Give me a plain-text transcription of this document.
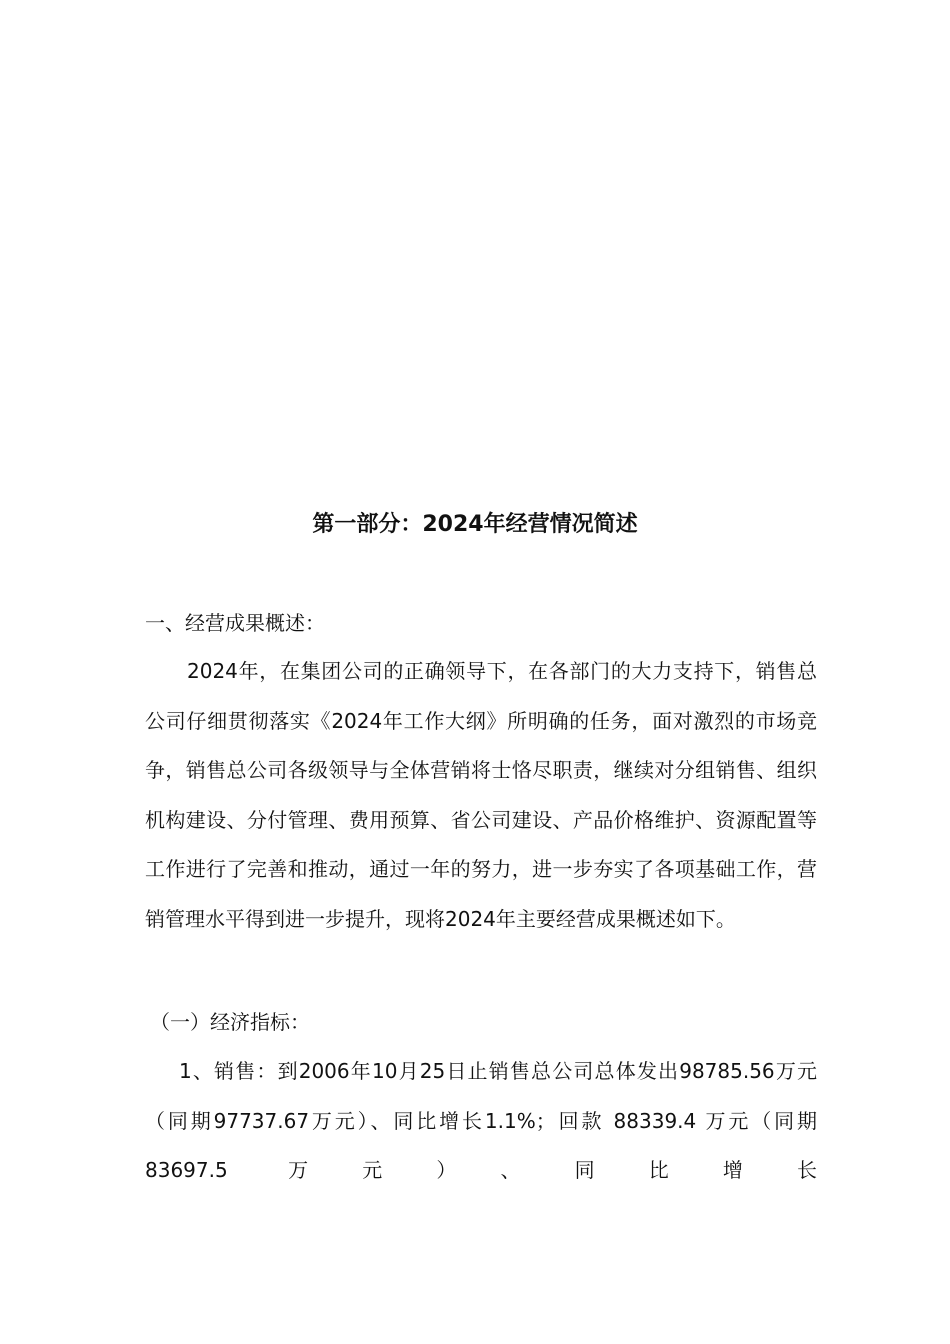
第一部分：2024年经营情况简述

一、经营成果概述：

2024年，在集团公司的正确领导下，在各部门的大力支持下，销售总公司仔细贯彻落实《2024年工作大纲》所明确的任务，面对激烈的市场竞争，销售总公司各级领导与全体营销将士恪尽职责，继续对分组销售、组织机构建设、分付管理、费用预算、省公司建设、产品价格维护、资源配置等工作进行了完善和推动，通过一年的努力，进一步夯实了各项基础工作，营销管理水平得到进一步提升，现将2024年主要经营成果概述如下。

（一）经济指标：

1、销售：到2006年10月25日止销售总公司总体发出98785.56万元（同期97737.67万元）、同比增长1.1%；回款 88339.4 万元（同期 83697.5 万元）、同比增长
